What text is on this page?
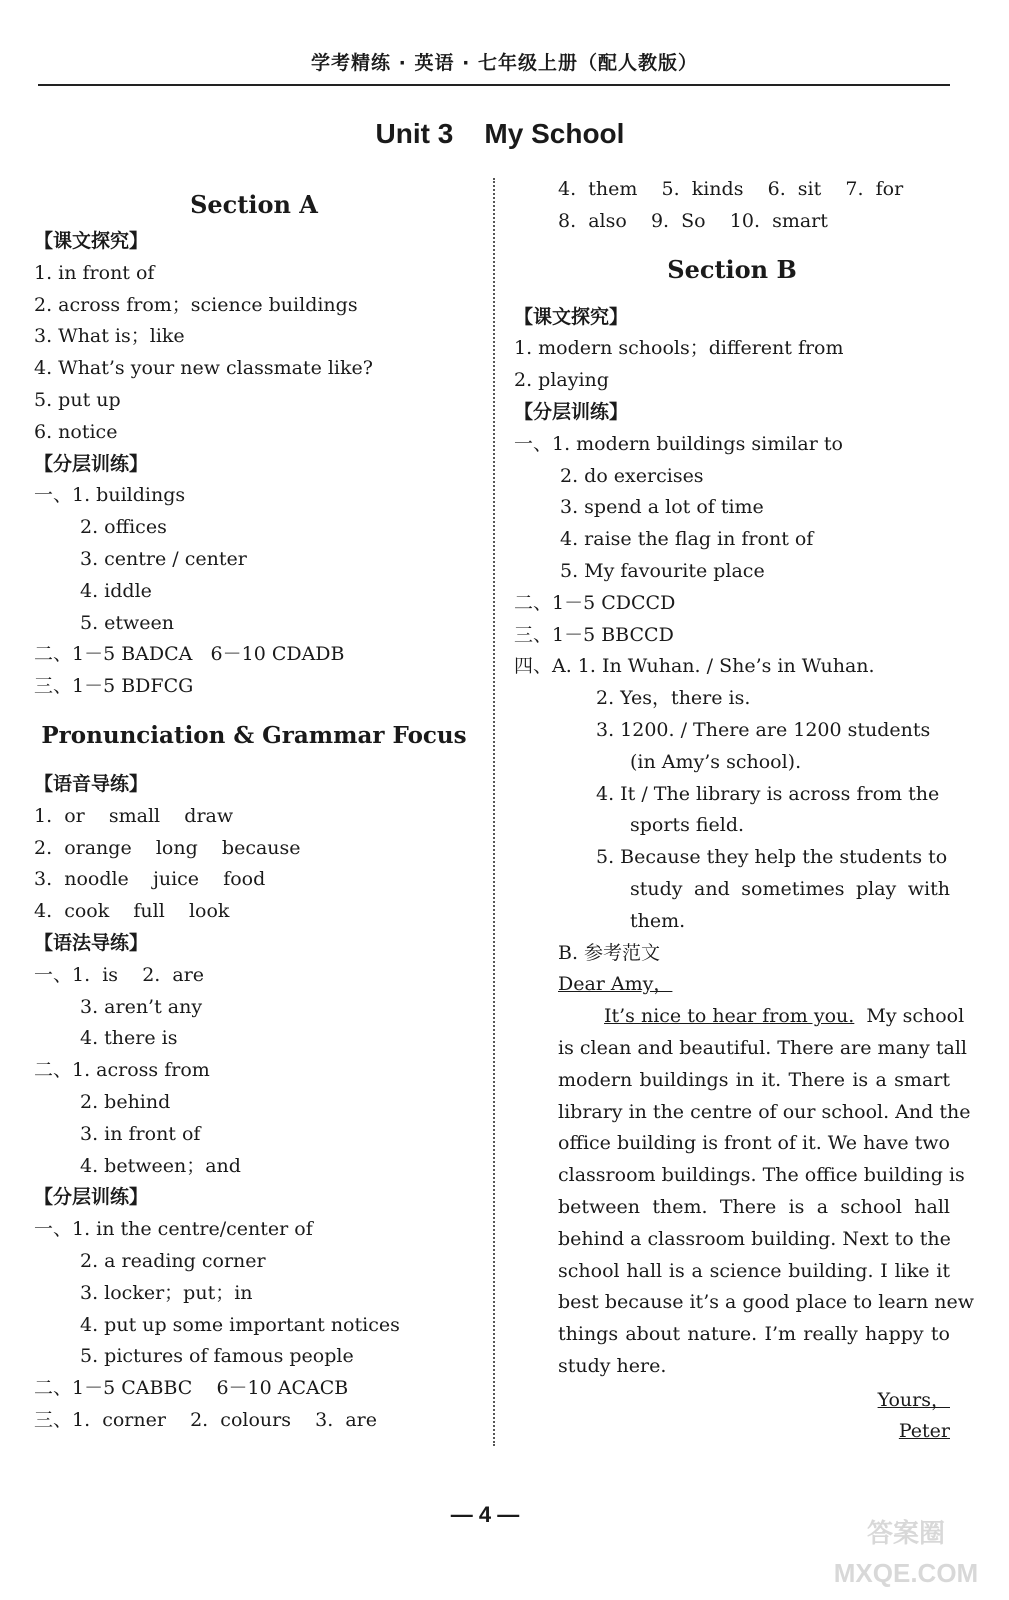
学考精练 · 英语 · 七年级上册（配人教版）
Unit 3    My School
Section A
【课文探究】
1. in front of
2. across from；science buildings
3. What is；like
4. What’s your new classmate like?
5. put up
6. notice
【分层训练】
一、1. buildings
2. offices
3. centre / center
4. iddle
5. etween
二、1－5 BADCA   6－10 CDADB
三、1－5 BDFCG
Pronunciation & Grammar Focus
【语音导练】
1.  or    small    draw
2.  orange    long    because
3.  noodle    juice    food
4.  cook    full    look
【语法导练】
一、1.  is    2.  are
3. aren’t any
4. there is
二、1. across from
2. behind
3. in front of
4. between；and
【分层训练】
一、1. in the centre/center of
2. a reading corner
3. locker；put；in
4. put up some important notices
5. pictures of famous people
二、1－5 CABBC    6－10 ACACB
三、1.  corner    2.  colours    3.  are
4.  them    5.  kinds    6.  sit    7.  for
8.  also    9.  So    10.  smart
Section B
【课文探究】
1. modern schools；different from
2. playing
【分层训练】
一、1. modern buildings similar to
2. do exercises
3. spend a lot of time
4. raise the flag in front of
5. My favourite place
二、1－5 CDCCD
三、1－5 BBCCD
四、A. 1. In Wuhan. / She’s in Wuhan.
2. Yes，there is.
3. 1200. / There are 1200 students
(in Amy’s school).
4. It / The library is across from the
sports field.
5. Because they help the students to
study and sometimes play with
them.
B. 参考范文
Dear Amy，
It’s nice to hear from you.  My school
is clean and beautiful. There are many tall
modern buildings in it. There is a smart
library in the centre of our school. And the
office building is front of it. We have two
classroom buildings. The office building is
between them. There is a school hall
behind a classroom building. Next to the
school hall is a science building. I like it
best because it’s a good place to learn new
things about nature. I’m really happy to
study here.
Yours，
Peter
— 4 —
答案圈
MXQE.COM
